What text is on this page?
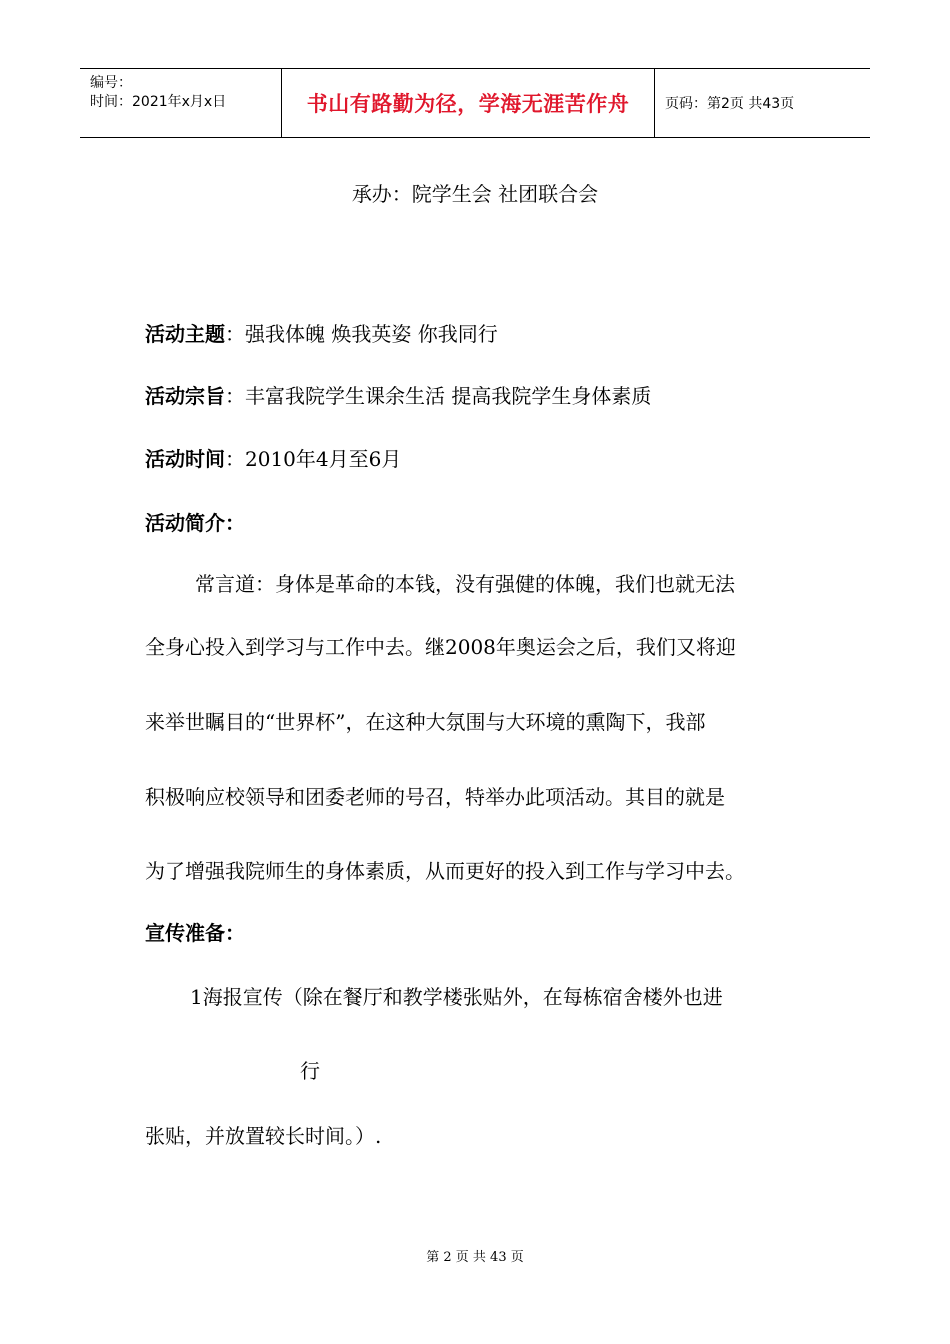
编号：
时间：2021年x月x日	书山有路勤为径，学海无涯苦作舟	页码：第2页 共43页
承办：院学生会 社团联合会
活动主题：强我体魄 焕我英姿 你我同行
活动宗旨：丰富我院学生课余生活 提高我院学生身体素质
活动时间：2010年4月至6月
活动简介：
常言道：身体是革命的本钱，没有强健的体魄，我们也就无法
全身心投入到学习与工作中去。继2008年奥运会之后，我们又将迎
来举世瞩目的“世界杯”，在这种大氛围与大环境的熏陶下，我部
积极响应校领导和团委老师的号召，特举办此项活动。其目的就是
为了增强我院师生的身体素质，从而更好的投入到工作与学习中去。
宣传准备：
1海报宣传（除在餐厅和教学楼张贴外，在每栋宿舍楼外也进
行
张贴，并放置较长时间。）.
第 2 页 共 43 页
